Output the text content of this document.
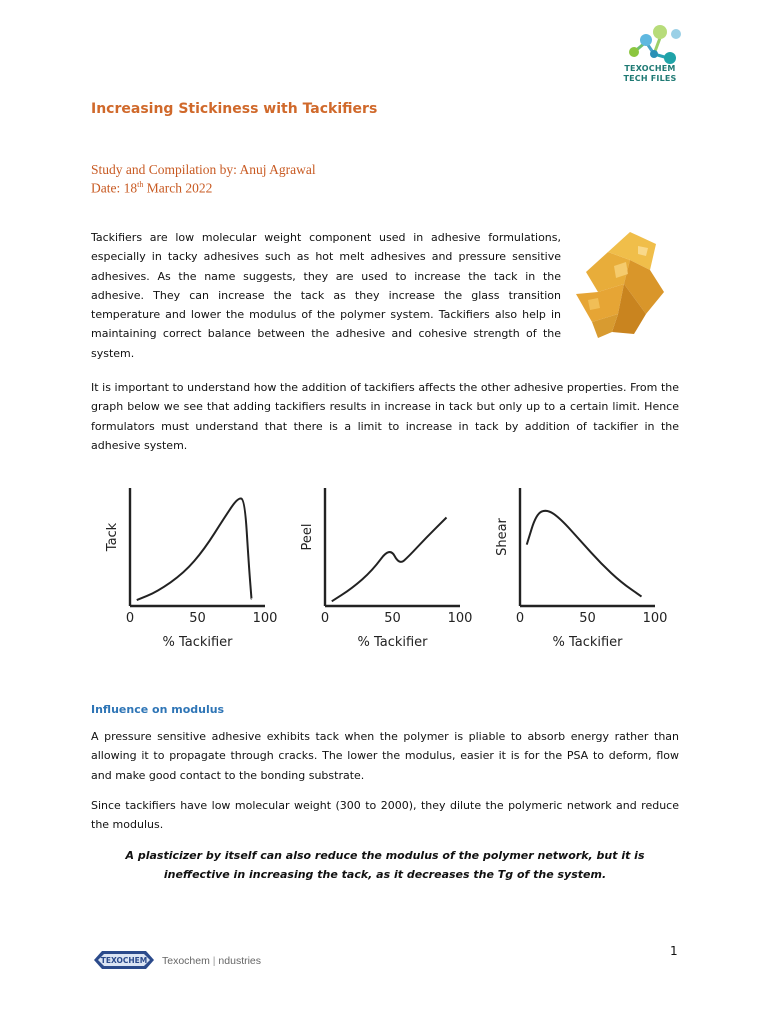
TEXOCHEM
TECH FILES
Increasing Stickiness with Tackifiers
Study and Compilation by: Anuj Agrawal
Date: 18th March 2022
Tackifiers are low molecular weight component used in adhesive formulations, especially in tacky adhesives such as hot melt adhesives and pressure sensitive adhesives. As the name suggests, they are used to increase the tack in the adhesive. They can increase the tack as they increase the glass transition temperature and lower the modulus of the polymer system. Tackifiers also help in maintaining correct balance between the adhesive and cohesive strength of the system.
It is important to understand how the addition of tackifiers affects the other adhesive properties. From the graph below we see that adding tackifiers results in increase in tack but only up to a certain limit. Hence formulators must understand that there is a limit to increase in tack by addition of tackifier in the adhesive system.
0	50	100
Tack
% Tackifier
0	50	100
Peel
% Tackifier
0	50	100
Shear
% Tackifier
Influence on modulus
A pressure sensitive adhesive exhibits tack when the polymer is pliable to absorb energy rather than allowing it to propagate through cracks. The lower the modulus, easier it is for the PSA to deform, flow and make good contact to the bonding substrate.
Since tackifiers have low molecular weight (300 to 2000), they dilute the polymeric network and reduce the modulus.
A plasticizer by itself can also reduce the modulus of the polymer network, but it is ineffective in increasing the tack, as it decreases the Tg of the system.
TEXOCHEM Texochem | ndustries
1
